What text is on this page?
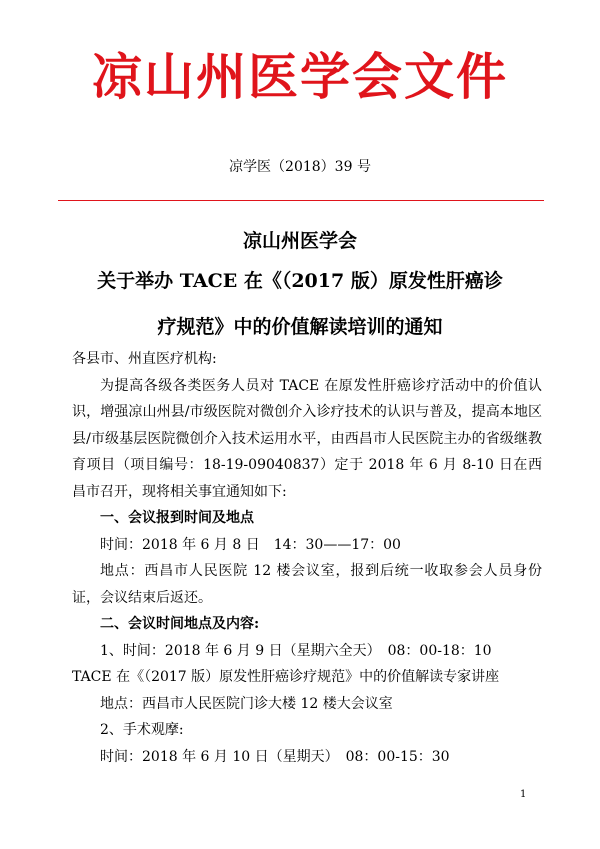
凉山州医学会文件
凉学医（2018）39 号
凉山州医学会
关于举办 TACE 在《（2017 版）原发性肝癌诊
疗规范》中的价值解读培训的通知

各县市、州直医疗机构:

为提高各级各类医务人员对 TACE 在原发性肝癌诊疗活动中的价值认识，增强凉山州县/市级医院对微创介入诊疗技术的认识与普及，提高本地区县/市级基层医院微创介入技术运用水平，由西昌市人民医院主办的省级继教育项目（项目编号：18-19-09040837）定于 2018 年 6 月 8-10 日在西昌市召开，现将相关事宜通知如下:

一、会议报到时间及地点

时间：2018 年 6 月 8 日　14：30——17：00

地点：西昌市人民医院 12 楼会议室，报到后统一收取参会人员身份证，会议结束后返还。

二、会议时间地点及内容:

1、时间：2018 年 6 月 9 日（星期六全天）　08：00-18：10

TACE 在《（2017 版）原发性肝癌诊疗规范》中的价值解读专家讲座

地点：西昌市人民医院门诊大楼 12 楼大会议室

2、手术观摩:

时间：2018 年 6 月 10 日（星期天）　08：00-15：30

1
